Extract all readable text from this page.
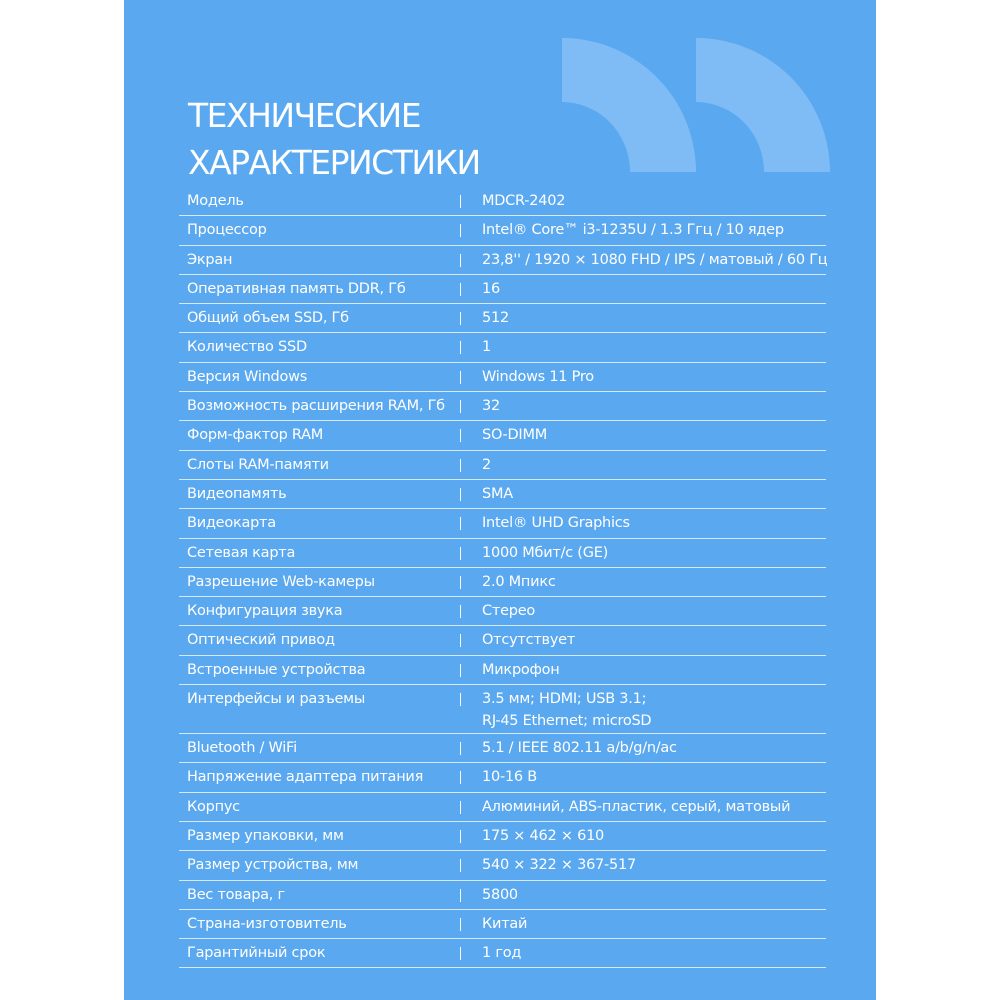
ТЕХНИЧЕСКИЕ
ХАРАКТЕРИСТИКИ
Модель	MDCR-2402
Процессор	Intel® Core™ i3-1235U / 1.3 Ггц / 10 ядер
Экран	23,8'' / 1920 × 1080 FHD / IPS / матовый / 60 Гц
Оперативная память DDR, Гб	16
Общий объем SSD, Гб	512
Количество SSD	1
Версия Windows	Windows 11 Pro
Возможность расширения RAM, Гб	32
Форм-фактор RAM	SO-DIMM
Слоты RAM-памяти	2
Видеопамять	SMA
Видеокарта	Intel® UHD Graphics
Сетевая карта	1000 Мбит/с (GE)
Разрешение Web-камеры	2.0 Мпикс
Конфигурация звука	Стерео
Оптический привод	Отсутствует
Встроенные устройства	Микрофон
Интерфейсы и разъемы	3.5 мм; HDMI; USB 3.1;
RJ-45 Ethernet; microSD
Bluetooth / WiFi	5.1 / IEEE 802.11 a/b/g/n/ac
Напряжение адаптера питания	10-16 В
Корпус	Алюминий, ABS-пластик, серый, матовый
Размер упаковки, мм	175 × 462 × 610
Размер устройства, мм	540 × 322 × 367-517
Вес товара, г	5800
Страна-изготовитель	Китай
Гарантийный срок	1 год
